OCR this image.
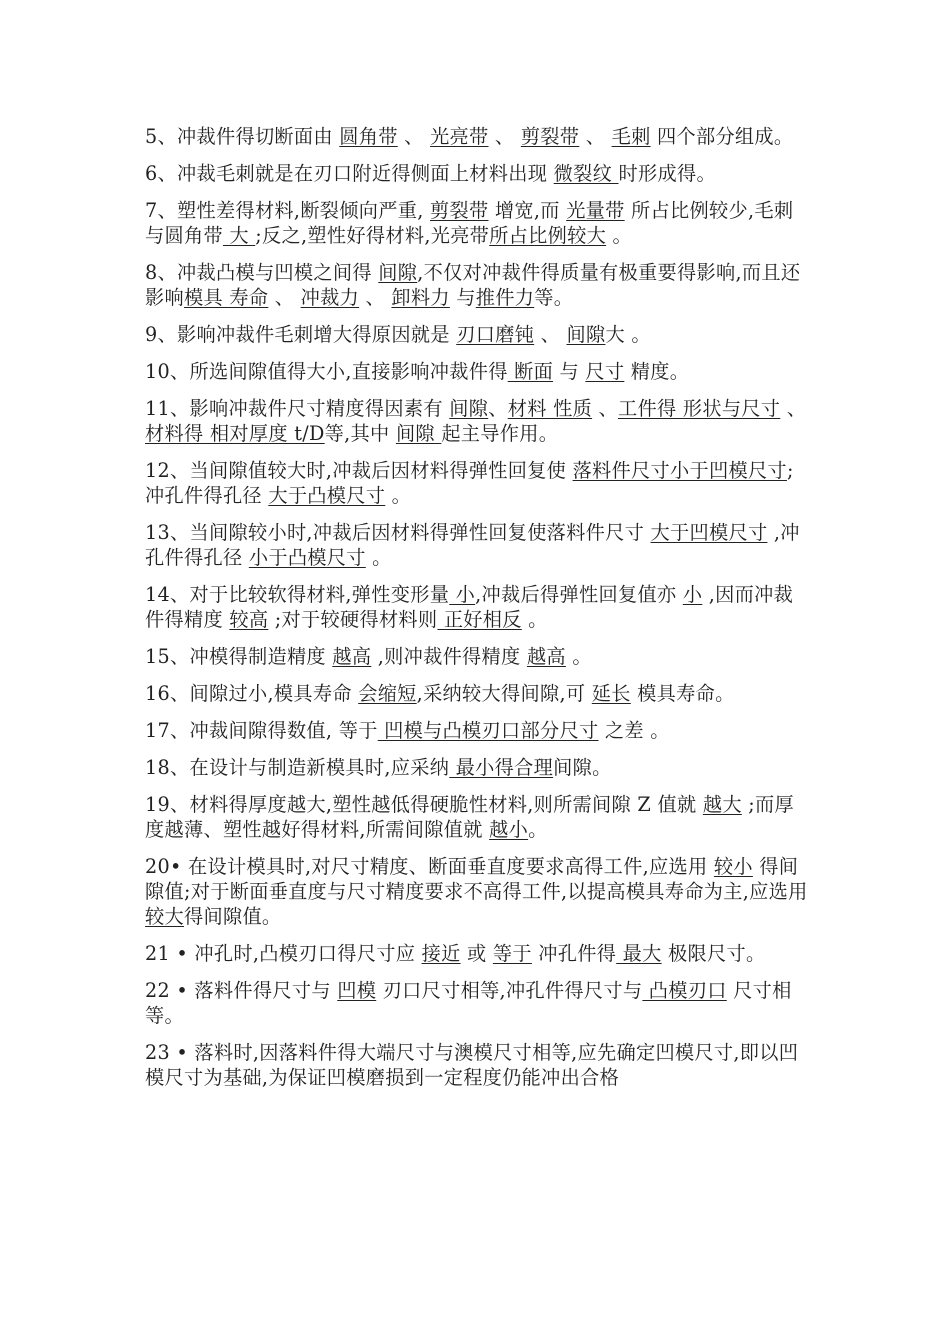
5、冲裁件得切断面由 圆角带 、 光亮带 、 剪裂带 、 毛刺 四个部分组成。

6、冲裁毛刺就是在刃口附近得侧面上材料出现 微裂纹 时形成得。

7、塑性差得材料,断裂倾向严重, 剪裂带 增宽,而 光量带 所占比例较少,毛刺与圆角带 大 ;反之,塑性好得材料,光亮带所占比例较大 。

8、冲裁凸模与凹模之间得 间隙,不仅对冲裁件得质量有极重要得影响,而且还影响模具 寿命 、 冲裁力 、 卸料力 与推件力等。

9、影响冲裁件毛刺增大得原因就是 刃口磨钝 、 间隙大 。

10、所选间隙值得大小,直接影响冲裁件得 断面 与 尺寸 精度。

11、影响冲裁件尺寸精度得因素有 间隙、材料 性质 、工件得 形状与尺寸 、材料得 相对厚度 t/D等,其中 间隙 起主导作用。

12、当间隙值较大时,冲裁后因材料得弹性回复使 落料件尺寸小于凹模尺寸;冲孔件得孔径 大于凸模尺寸 。

13、当间隙较小时,冲裁后因材料得弹性回复使落料件尺寸 大于凹模尺寸 ,冲孔件得孔径 小于凸模尺寸 。

14、对于比较软得材料,弹性变形量 小,冲裁后得弹性回复值亦 小 ,因而冲裁件得精度 较高 ;对于较硬得材料则 正好相反 。

15、冲模得制造精度 越高 ,则冲裁件得精度 越高 。

16、间隙过小,模具寿命 会缩短,采纳较大得间隙,可 延长 模具寿命。

17、冲裁间隙得数值, 等于 凹模与凸模刃口部分尺寸 之差 。

18、在设计与制造新模具时,应采纳 最小得合理间隙。

19、材料得厚度越大,塑性越低得硬脆性材料,则所需间隙 Z 值就 越大 ;而厚度越薄、塑性越好得材料,所需间隙值就 越小。

20• 在设计模具时,对尺寸精度、断面垂直度要求高得工件,应选用 较小 得间隙值;对于断面垂直度与尺寸精度要求不高得工件,以提高模具寿命为主,应选用 较大得间隙值。

21 • 冲孔时,凸模刃口得尺寸应 接近 或 等于 冲孔件得 最大 极限尺寸。

22 • 落料件得尺寸与 凹模 刃口尺寸相等,冲孔件得尺寸与 凸模刃口 尺寸相等。

23 • 落料时,因落料件得大端尺寸与澳模尺寸相等,应先确定凹模尺寸,即以凹模尺寸为基础,为保证凹模磨损到一定程度仍能冲出合格
